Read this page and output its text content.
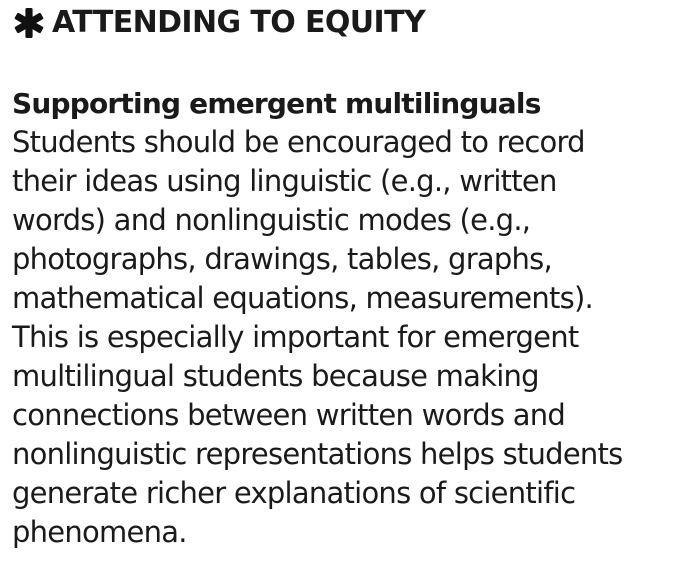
ATTENDING TO EQUITY
Supporting emergent multilinguals

Students should be encouraged to record
their ideas using linguistic (e.g., written
words) and nonlinguistic modes (e.g.,
photographs, drawings, tables, graphs,
mathematical equations, measurements).
This is especially important for emergent
multilingual students because making
connections between written words and
nonlinguistic representations helps students
generate richer explanations of scientific
phenomena.
